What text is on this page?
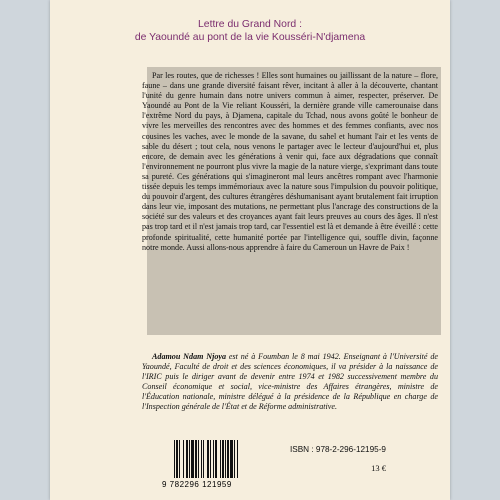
Lettre du Grand Nord :
de Yaoundé au pont de la vie Kousséri-N'djamena

Par les routes, que de richesses ! Elles sont humaines ou jaillissant de la nature – flore, faune – dans une grande diversité faisant rêver, incitant à aller à la découverte, chantant l'unité du genre humain dans notre univers commun à aimer, respecter, préserver. De Yaoundé au Pont de la Vie reliant Kousséri, la dernière grande ville camerounaise dans l'extrême Nord du pays, à Djamena, capitale du Tchad, nous avons goûté le bonheur de vivre les merveilles des rencontres avec des hommes et des femmes confiants, avec nos cousines les vaches, avec le monde de la savane, du sahel et humant l'air et les vents de sable du désert ; tout cela, nous venons le partager avec le lecteur d'aujourd'hui et, plus encore, de demain avec les générations à venir qui, face aux dégradations que connaît l'environnement ne pourront plus vivre la magie de la nature vierge, s'exprimant dans toute sa pureté. Ces générations qui s'imagineront mal leurs ancêtres rompant avec l'harmonie tissée depuis les temps immémoriaux avec la nature sous l'impulsion du pouvoir politique, du pouvoir d'argent, des cultures étrangères déshumanisant ayant brutalement fait irruption dans leur vie, imposant des mutations, ne permettant plus l'ancrage des constructions de la société sur des valeurs et des croyances ayant fait leurs preuves au cours des âges. Il n'est pas trop tard et il n'est jamais trop tard, car l'essentiel est là et demande à être éveillé : cette profonde spiritualité, cette humanité portée par l'intelligence qui, souffle divin, façonne notre monde. Aussi allons-nous apprendre à faire du Cameroun un Havre de Paix !

Adamou Ndam Njoya est né à Foumban le 8 mai 1942. Enseignant à l'Université de Yaoundé, Faculté de droit et des sciences économiques, il va présider à la naissance de l'IRIC puis le diriger avant de devenir entre 1974 et 1982 successivement membre du Conseil économique et social, vice-ministre des Affaires étrangères, ministre de l'Éducation nationale, ministre délégué à la présidence de la République en charge de l'Inspection générale de l'État et de Réforme administrative.

9 782296 121959
ISBN : 978-2-296-12195-9
13 €
